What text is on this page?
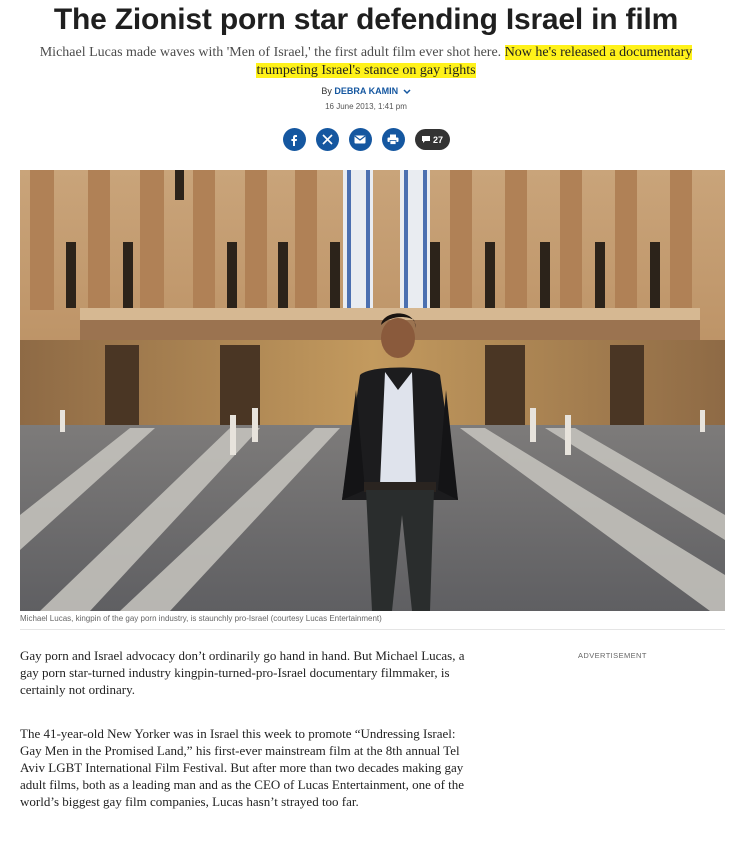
The Zionist porn star defending Israel in film
Michael Lucas made waves with 'Men of Israel,' the first adult film ever shot here. Now he's released a documentary trumpeting Israel's stance on gay rights
By DEBRA KAMIN
16 June 2013, 1:41 pm
27
Michael Lucas, kingpin of the gay porn industry, is staunchly pro-Israel (courtesy Lucas Entertainment)
ADVERTISEMENT

Gay porn and Israel advocacy don’t ordinarily go hand in hand. But Michael Lucas, a gay porn star-turned industry kingpin-turned-pro-Israel documentary filmmaker, is certainly not ordinary.

The 41-year-old New Yorker was in Israel this week to promote “Undressing Israel: Gay Men in the Promised Land,” his first-ever mainstream film at the 8th annual Tel Aviv LGBT International Film Festival. But after more than two decades making gay adult films, both as a leading man and as the CEO of Lucas Entertainment, one of the world’s biggest gay film companies, Lucas hasn’t strayed too far.
